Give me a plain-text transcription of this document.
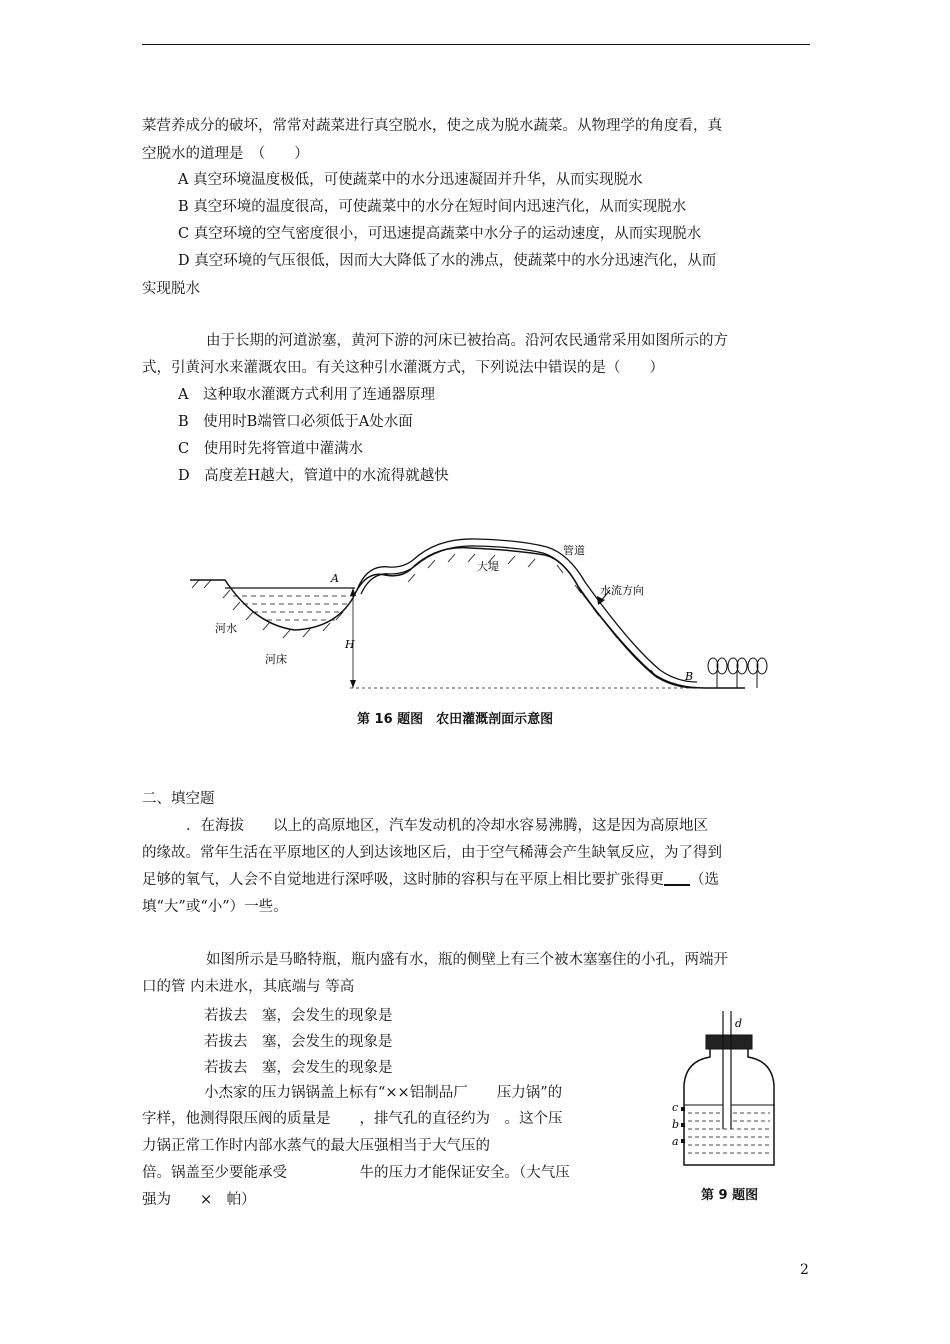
菜营养成分的破坏，常常对蔬菜进行真空脱水，使之成为脱水蔬菜。从物理学的角度看，真
空脱水的道理是　（　　）
A 真空环境温度极低，可使蔬菜中的水分迅速凝固并升华，从而实现脱水
B 真空环境的温度很高，可使蔬菜中的水分在短时间内迅速汽化，从而实现脱水
C 真空环境的空气密度很小，可迅速提高蔬菜中水分子的运动速度，从而实现脱水
D 真空环境的气压很低，因而大大降低了水的沸点，使蔬菜中的水分迅速汽化，从而
实现脱水
由于长期的河道淤塞，黄河下游的河床已被抬高。沿河农民通常采用如图所示的方
式，引黄河水来灌溉农田。有关这种引水灌溉方式，下列说法中错误的是（　　）
A　这种取水灌溉方式利用了连通器原理
B　使用时B端管口必须低于A处水面
C　使用时先将管道中灌满水
D　高度差H越大，管道中的水流得就越快
管道
大堤
水流方向
河水
河床
A
B
H
第 16 题图　农田灌溉剖面示意图
二、填空题
．在海拔　　以上的高原地区，汽车发动机的冷却水容易沸腾，这是因为高原地区
的缘故。常年生活在平原地区的人到达该地区后，由于空气稀薄会产生缺氧反应，为了得到
足够的氧气，人会不自觉地进行深呼吸，这时肺的容积与在平原上相比要扩张得更 （选
填“大”或“小”）一些。
如图所示是马略特瓶，瓶内盛有水，瓶的侧壁上有三个被木塞塞住的小孔，两端开
口的管 内未进水，其底端与 等高
若拔去　塞，会发生的现象是
若拔去　塞，会发生的现象是
若拔去　塞，会发生的现象是
小杰家的压力锅锅盖上标有“××铝制品厂　　压力锅”的
字样，他测得限压阀的质量是　　，排气孔的直径约为　。这个压
力锅正常工作时内部水蒸气的最大压强相当于大气压的
倍。锅盖至少要能承受　　　　　牛的压力才能保证安全。（大气压
强为　　×　帕）
d
c
b
a
第 9 题图
2
